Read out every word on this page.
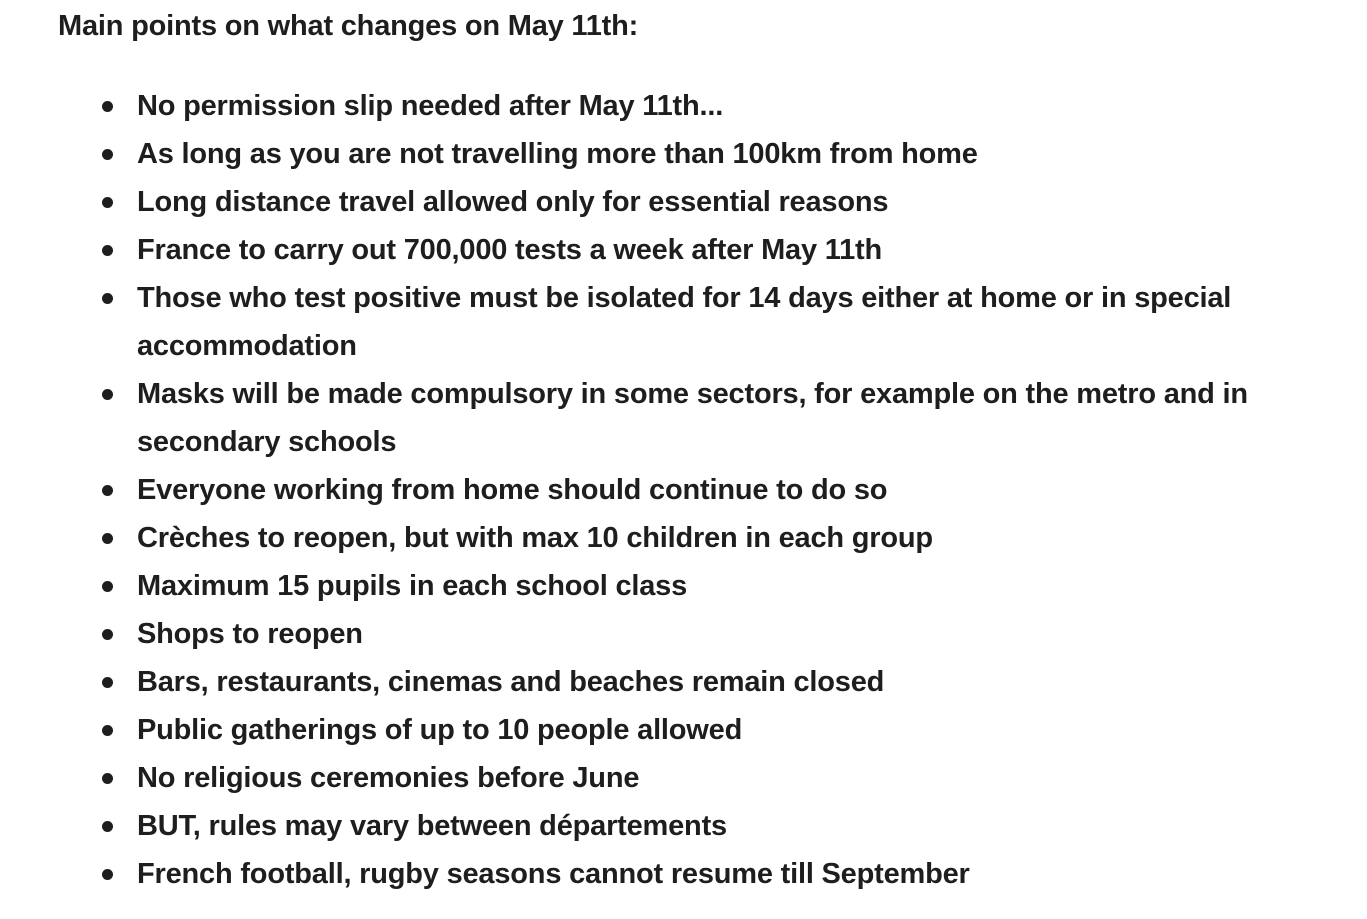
Main points on what changes on May 11th:

No permission slip needed after May 11th...
As long as you are not travelling more than 100km from home
Long distance travel allowed only for essential reasons
France to carry out 700,000 tests a week after May 11th
Those who test positive must be isolated for 14 days either at home or in special accommodation
Masks will be made compulsory in some sectors, for example on the metro and in secondary schools
Everyone working from home should continue to do so
Crèches to reopen, but with max 10 children in each group
Maximum 15 pupils in each school class
Shops to reopen
Bars, restaurants, cinemas and beaches remain closed
Public gatherings of up to 10 people allowed
No religious ceremonies before June
BUT, rules may vary between départements
French football, rugby seasons cannot resume till September
